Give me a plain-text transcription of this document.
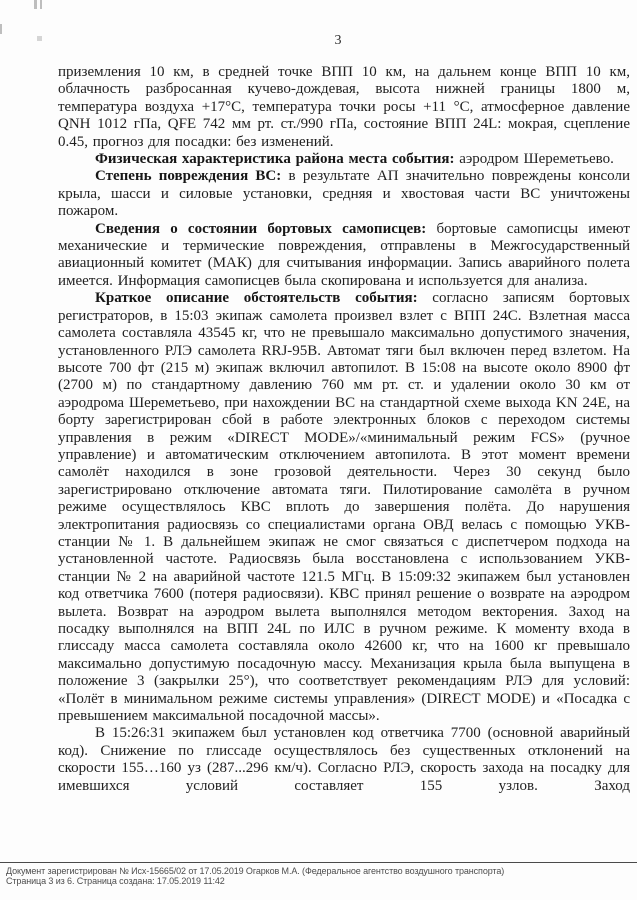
3

приземления 10 км, в средней точке ВПП 10 км, на дальнем конце ВПП 10 км, облачность разбросанная кучево-дождевая, высота нижней границы 1800 м, температура воздуха +17°С, температура точки росы +11 °С, атмосферное давление QNH 1012 гПа, QFE 742 мм рт. ст./990 гПа, состояние ВПП 24L: мокрая, сцепление 0.45, прогноз для посадки: без изменений.

Физическая характеристика района места события: аэродром Шереметьево.

Степень повреждения ВС: в результате АП значительно повреждены консоли крыла, шасси и силовые установки, средняя и хвостовая части ВС уничтожены пожаром.

Сведения о состоянии бортовых самописцев: бортовые самописцы имеют механические и термические повреждения, отправлены в Межгосударственный авиационный комитет (МАК) для считывания информации. Запись аварийного полета имеется. Информация самописцев была скопирована и используется для анализа.

Краткое описание обстоятельств события: согласно записям бортовых регистраторов, в 15:03 экипаж самолета произвел взлет с ВПП 24С. Взлетная масса самолета составляла 43545 кг, что не превышало максимально допустимого значения, установленного РЛЭ самолета RRJ-95B. Автомат тяги был включен перед взлетом. На высоте 700 фт (215 м) экипаж включил автопилот. В 15:08 на высоте около 8900 фт (2700 м) по стандартному давлению 760 мм рт. ст. и удалении около 30 км от аэродрома Шереметьево, при нахождении ВС на стандартной схеме выхода KN 24E, на борту зарегистрирован сбой в работе электронных блоков с переходом системы управления в режим «DIRECT MODE»/«минимальный режим FCS» (ручное управление) и автоматическим отключением автопилота. В этот момент времени самолёт находился в зоне грозовой деятельности. Через 30 секунд было зарегистрировано отключение автомата тяги. Пилотирование самолёта в ручном режиме осуществлялось КВС вплоть до завершения полёта. До нарушения электропитания радиосвязь со специалистами органа ОВД велась с помощью УКВ-станции № 1. В дальнейшем экипаж не смог связаться с диспетчером подхода на установленной частоте. Радиосвязь была восстановлена с использованием УКВ-станции № 2 на аварийной частоте 121.5 МГц. В 15:09:32 экипажем был установлен код ответчика 7600 (потеря радиосвязи). КВС принял решение о возврате на аэродром вылета. Возврат на аэродром вылета выполнялся методом векторения. Заход на посадку выполнялся на ВПП 24L по ИЛС в ручном режиме. К моменту входа в глиссаду масса самолета составляла около 42600 кг, что на 1600 кг превышало максимально допустимую посадочную массу. Механизация крыла была выпущена в положение 3 (закрылки 25°), что соответствует рекомендациям РЛЭ для условий: «Полёт в минимальном режиме системы управления» (DIRECT MODE) и «Посадка с превышением максимальной посадочной массы».

В 15:26:31 экипажем был установлен код ответчика 7700 (основной аварийный код). Снижение по глиссаде осуществлялось без существенных отклонений на скорости 155…160 уз (287...296 км/ч). Согласно РЛЭ, скорость захода на посадку для имевшихся условий составляет 155 узлов. Заход

Документ зарегистрирован № Исх-15665/02 от 17.05.2019 Огарков М.А. (Федеральное агентство воздушного транспорта)
Страница 3 из 6. Страница создана: 17.05.2019 11:42
